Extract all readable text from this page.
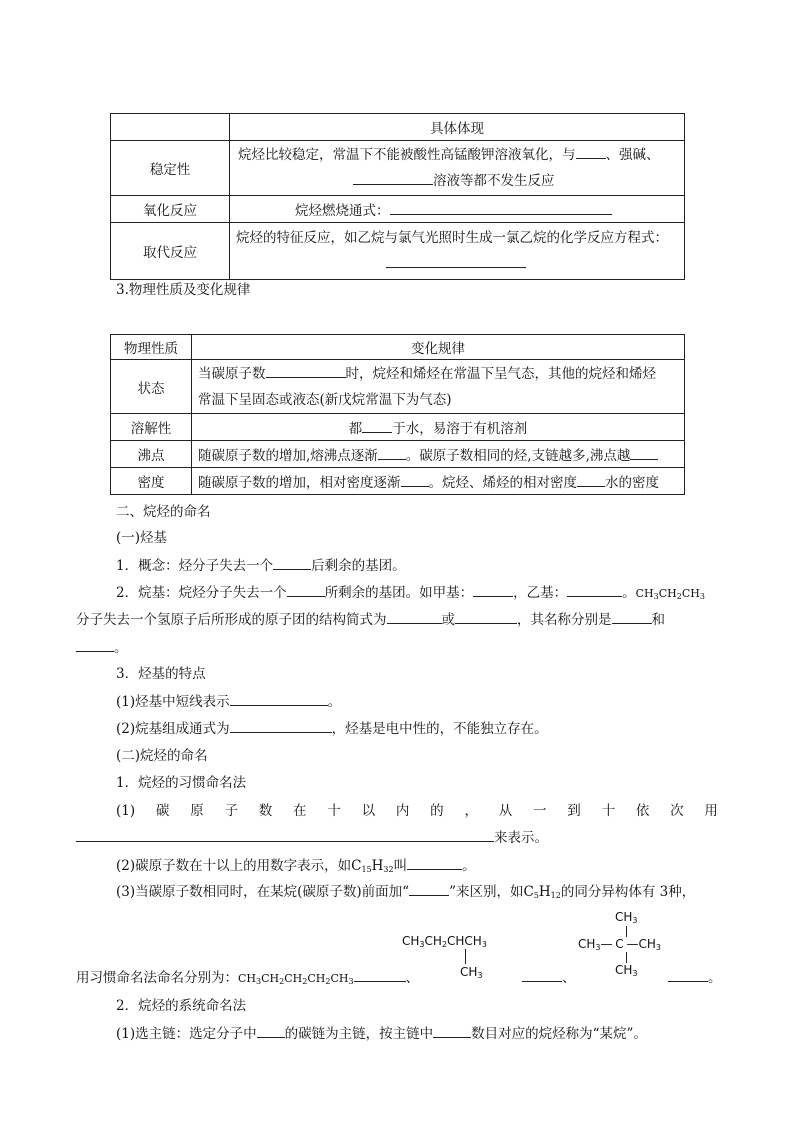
	具体体现
稳定性	烷烃比较稳定，常温下不能被酸性高锰酸钾溶液氧化，与 、强碱、
溶液等都不发生反应

氧化反应	烷烃燃烧通式：
取代反应	烷烃的特征反应，如乙烷与氯气光照时生成一氯乙烷的化学反应方程式：
3.物理性质及变化规律
物理性质	变化规律
状态	当碳原子数 时，烷烃和烯烃在常温下呈气态，其他的烷烃和烯烃
常温下呈固态或液态(新戊烷常温下为气态)

溶解性	都 于水，易溶于有机溶剂
沸点	随碳原子数的增加,熔沸点逐渐 。碳原子数相同的烃,支链越多,沸点越
密度	随碳原子数的增加，相对密度逐渐 。烷烃、烯烃的相对密度 水的密度
二、烷烃的命名
(一)烃基
1．概念：烃分子失去一个	后剩余的基团。
2．烷基：烷烃分子失去一个	所剩余的基团。如甲基：	，乙基：	。$CH_3CH_2CH_3$
分子失去一个氢原子后所形成的原子团的结构简式为	或	，其名称分别是	和
。
3．烃基的特点
(1)烃基中短线表示	。
(2)烷基组成通式为	，烃基是电中性的，不能独立存在。
(二)烷烃的命名
1．烷烃的习惯命名法
(1) 碳 原 子 数 在 十 以 内 的 ， 从 一 到 十 依 次 用
来表示。
(2)碳原子数在十以上的用数字表示，如$C_{15}H_{32}$叫	。
(3)当碳原子数相同时，在某烷(碳原子数)前面加“	”来区别，如$C_5H_{12}$的同分异构体有 3种，
$CH_3CH_2CHCH_3$
$CH_3$
$CH_3$
$CH_3—$ C $—CH_3$
$CH_3$
用习惯命名法命名分别为：$CH_3CH_2CH_2CH_2CH_3$	、	、	。
2．烷烃的系统命名法
(1)选主链：选定分子中 的碳链为主链，按主链中	数目对应的烷烃称为“某烷”。
